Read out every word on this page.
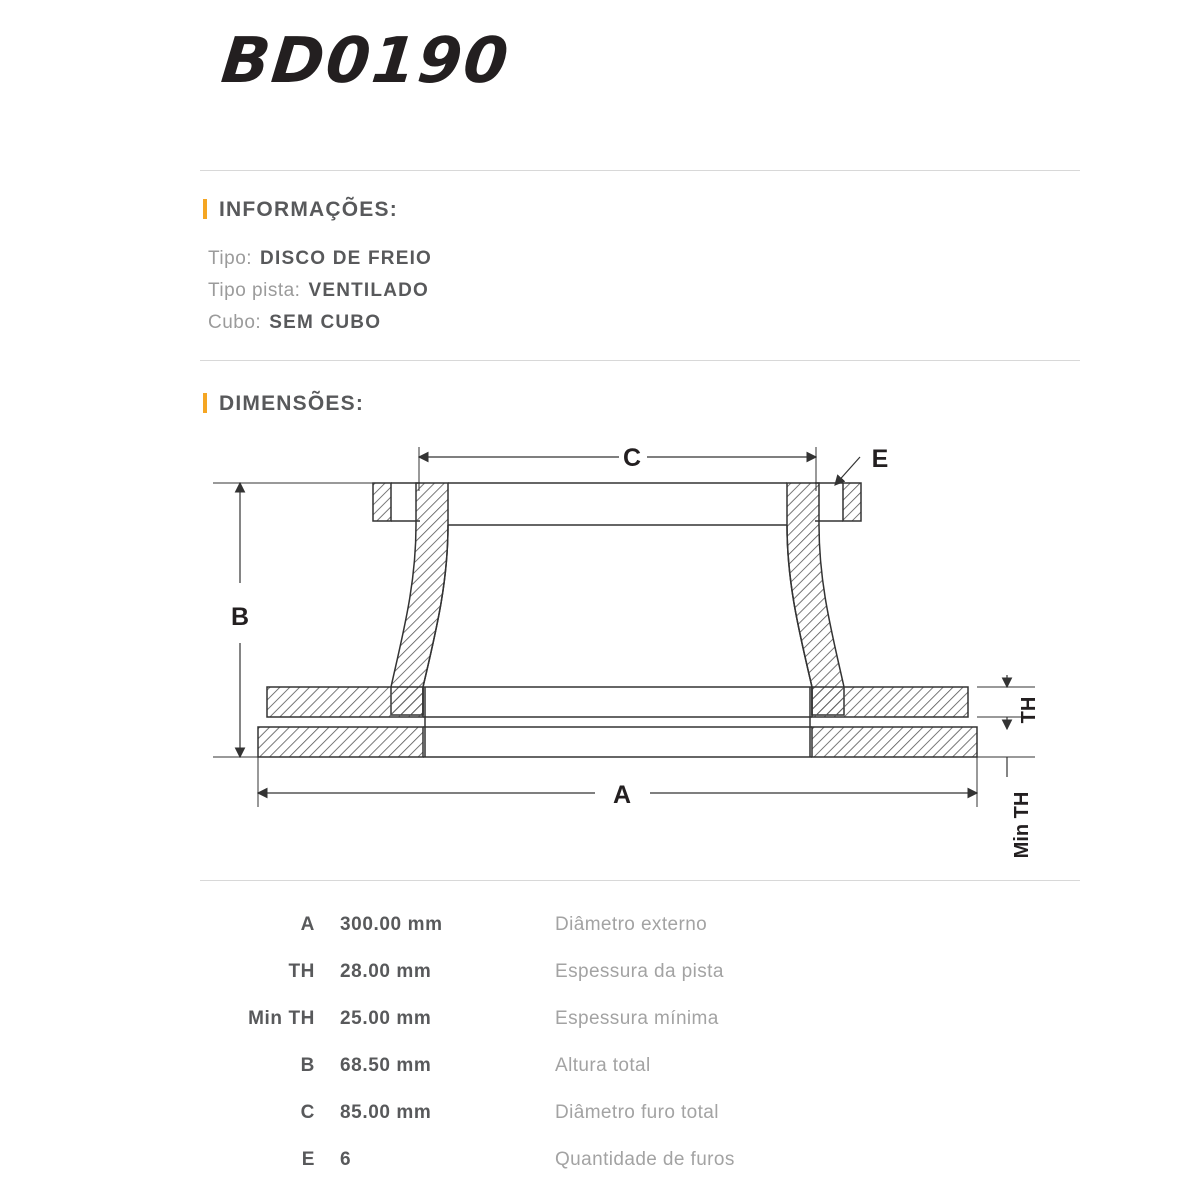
BD0190
INFORMAÇÕES:
Tipo: DISCO DE FREIO
Tipo pista: VENTILADO
Cubo: SEM CUBO
DIMENSÕES:
C	E
B
A
TH
Min TH
A 300.00 mm	Diâmetro externo
TH 28.00 mm	Espessura da pista
Min TH 25.00 mm	Espessura mínima
B 68.50 mm	Altura total
C 85.00 mm	Diâmetro furo total
E 6	Quantidade de furos
